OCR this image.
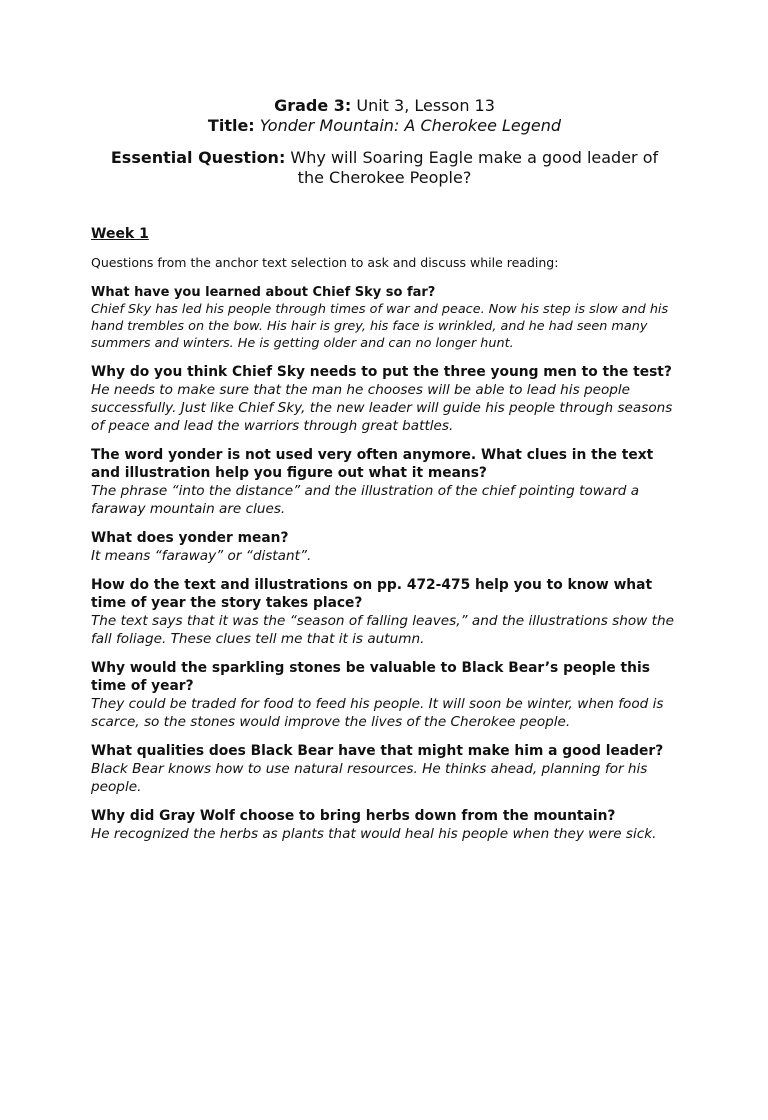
Grade 3: Unit 3, Lesson 13
Title: Yonder Mountain: A Cherokee Legend
Essential Question: Why will Soaring Eagle make a good leader of the Cherokee People?
Week 1
Questions from the anchor text selection to ask and discuss while reading:

What have you learned about Chief Sky so far?

Chief Sky has led his people through times of war and peace. Now his step is slow and his hand trembles on the bow. His hair is grey, his face is wrinkled, and he had seen many summers and winters. He is getting older and can no longer hunt.

Why do you think Chief Sky needs to put the three young men to the test?

He needs to make sure that the man he chooses will be able to lead his people successfully. Just like Chief Sky, the new leader will guide his people through seasons of peace and lead the warriors through great battles.

The word yonder is not used very often anymore. What clues in the text and illustration help you figure out what it means?

The phrase “into the distance” and the illustration of the chief pointing toward a faraway mountain are clues.

What does yonder mean?

It means “faraway” or “distant”.

How do the text and illustrations on pp. 472-475 help you to know what time of year the story takes place?

The text says that it was the “season of falling leaves,” and the illustrations show the fall foliage. These clues tell me that it is autumn.

Why would the sparkling stones be valuable to Black Bear’s people this time of year?

They could be traded for food to feed his people. It will soon be winter, when food is scarce, so the stones would improve the lives of the Cherokee people.

What qualities does Black Bear have that might make him a good leader?

Black Bear knows how to use natural resources. He thinks ahead, planning for his people.

Why did Gray Wolf choose to bring herbs down from the mountain?

He recognized the herbs as plants that would heal his people when they were sick.
